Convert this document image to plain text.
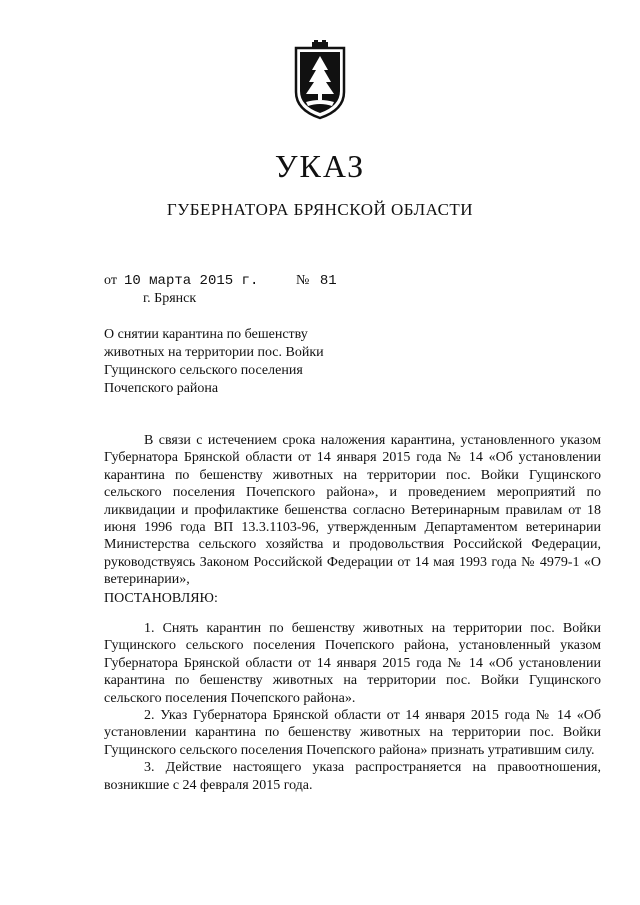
УКАЗ
ГУБЕРНАТОРА БРЯНСКОЙ ОБЛАСТИ
от 10 марта 2015 г.	№ 81
г. Брянск
О снятии карантина по бешенству
животных на территории пос. Войки
Гущинского сельского поселения
Почепского района

В связи с истечением срока наложения карантина, установленного указом Губернатора Брянской области от 14 января 2015 года № 14 «Об установлении карантина по бешенству животных на территории пос. Войки Гущинского сельского поселения Почепского района», и проведением мероприятий по ликвидации и профилактике бешенства согласно Ветеринарным правилам от 18 июня 1996 года ВП 13.3.1103-96, утвержденным Департаментом ветеринарии Министерства сельского хозяйства и продовольствия Российской Федерации, руководствуясь Законом Российской Федерации от 14 мая 1993 года № 4979-1 «О ветеринарии»,

ПОСТАНОВЛЯЮ:

1. Снять карантин по бешенству животных на территории пос. Войки Гущинского сельского поселения Почепского района, установленный указом Губернатора Брянской области от 14 января 2015 года № 14 «Об установлении карантина по бешенству животных на территории пос. Войки Гущинского сельского поселения Почепского района».

2. Указ Губернатора Брянской области от 14 января 2015 года № 14 «Об установлении карантина по бешенству животных на территории пос. Войки Гущинского сельского поселения Почепского района» признать утратившим силу.

3. Действие настоящего указа распространяется на правоотношения, возникшие с 24 февраля 2015 года.
